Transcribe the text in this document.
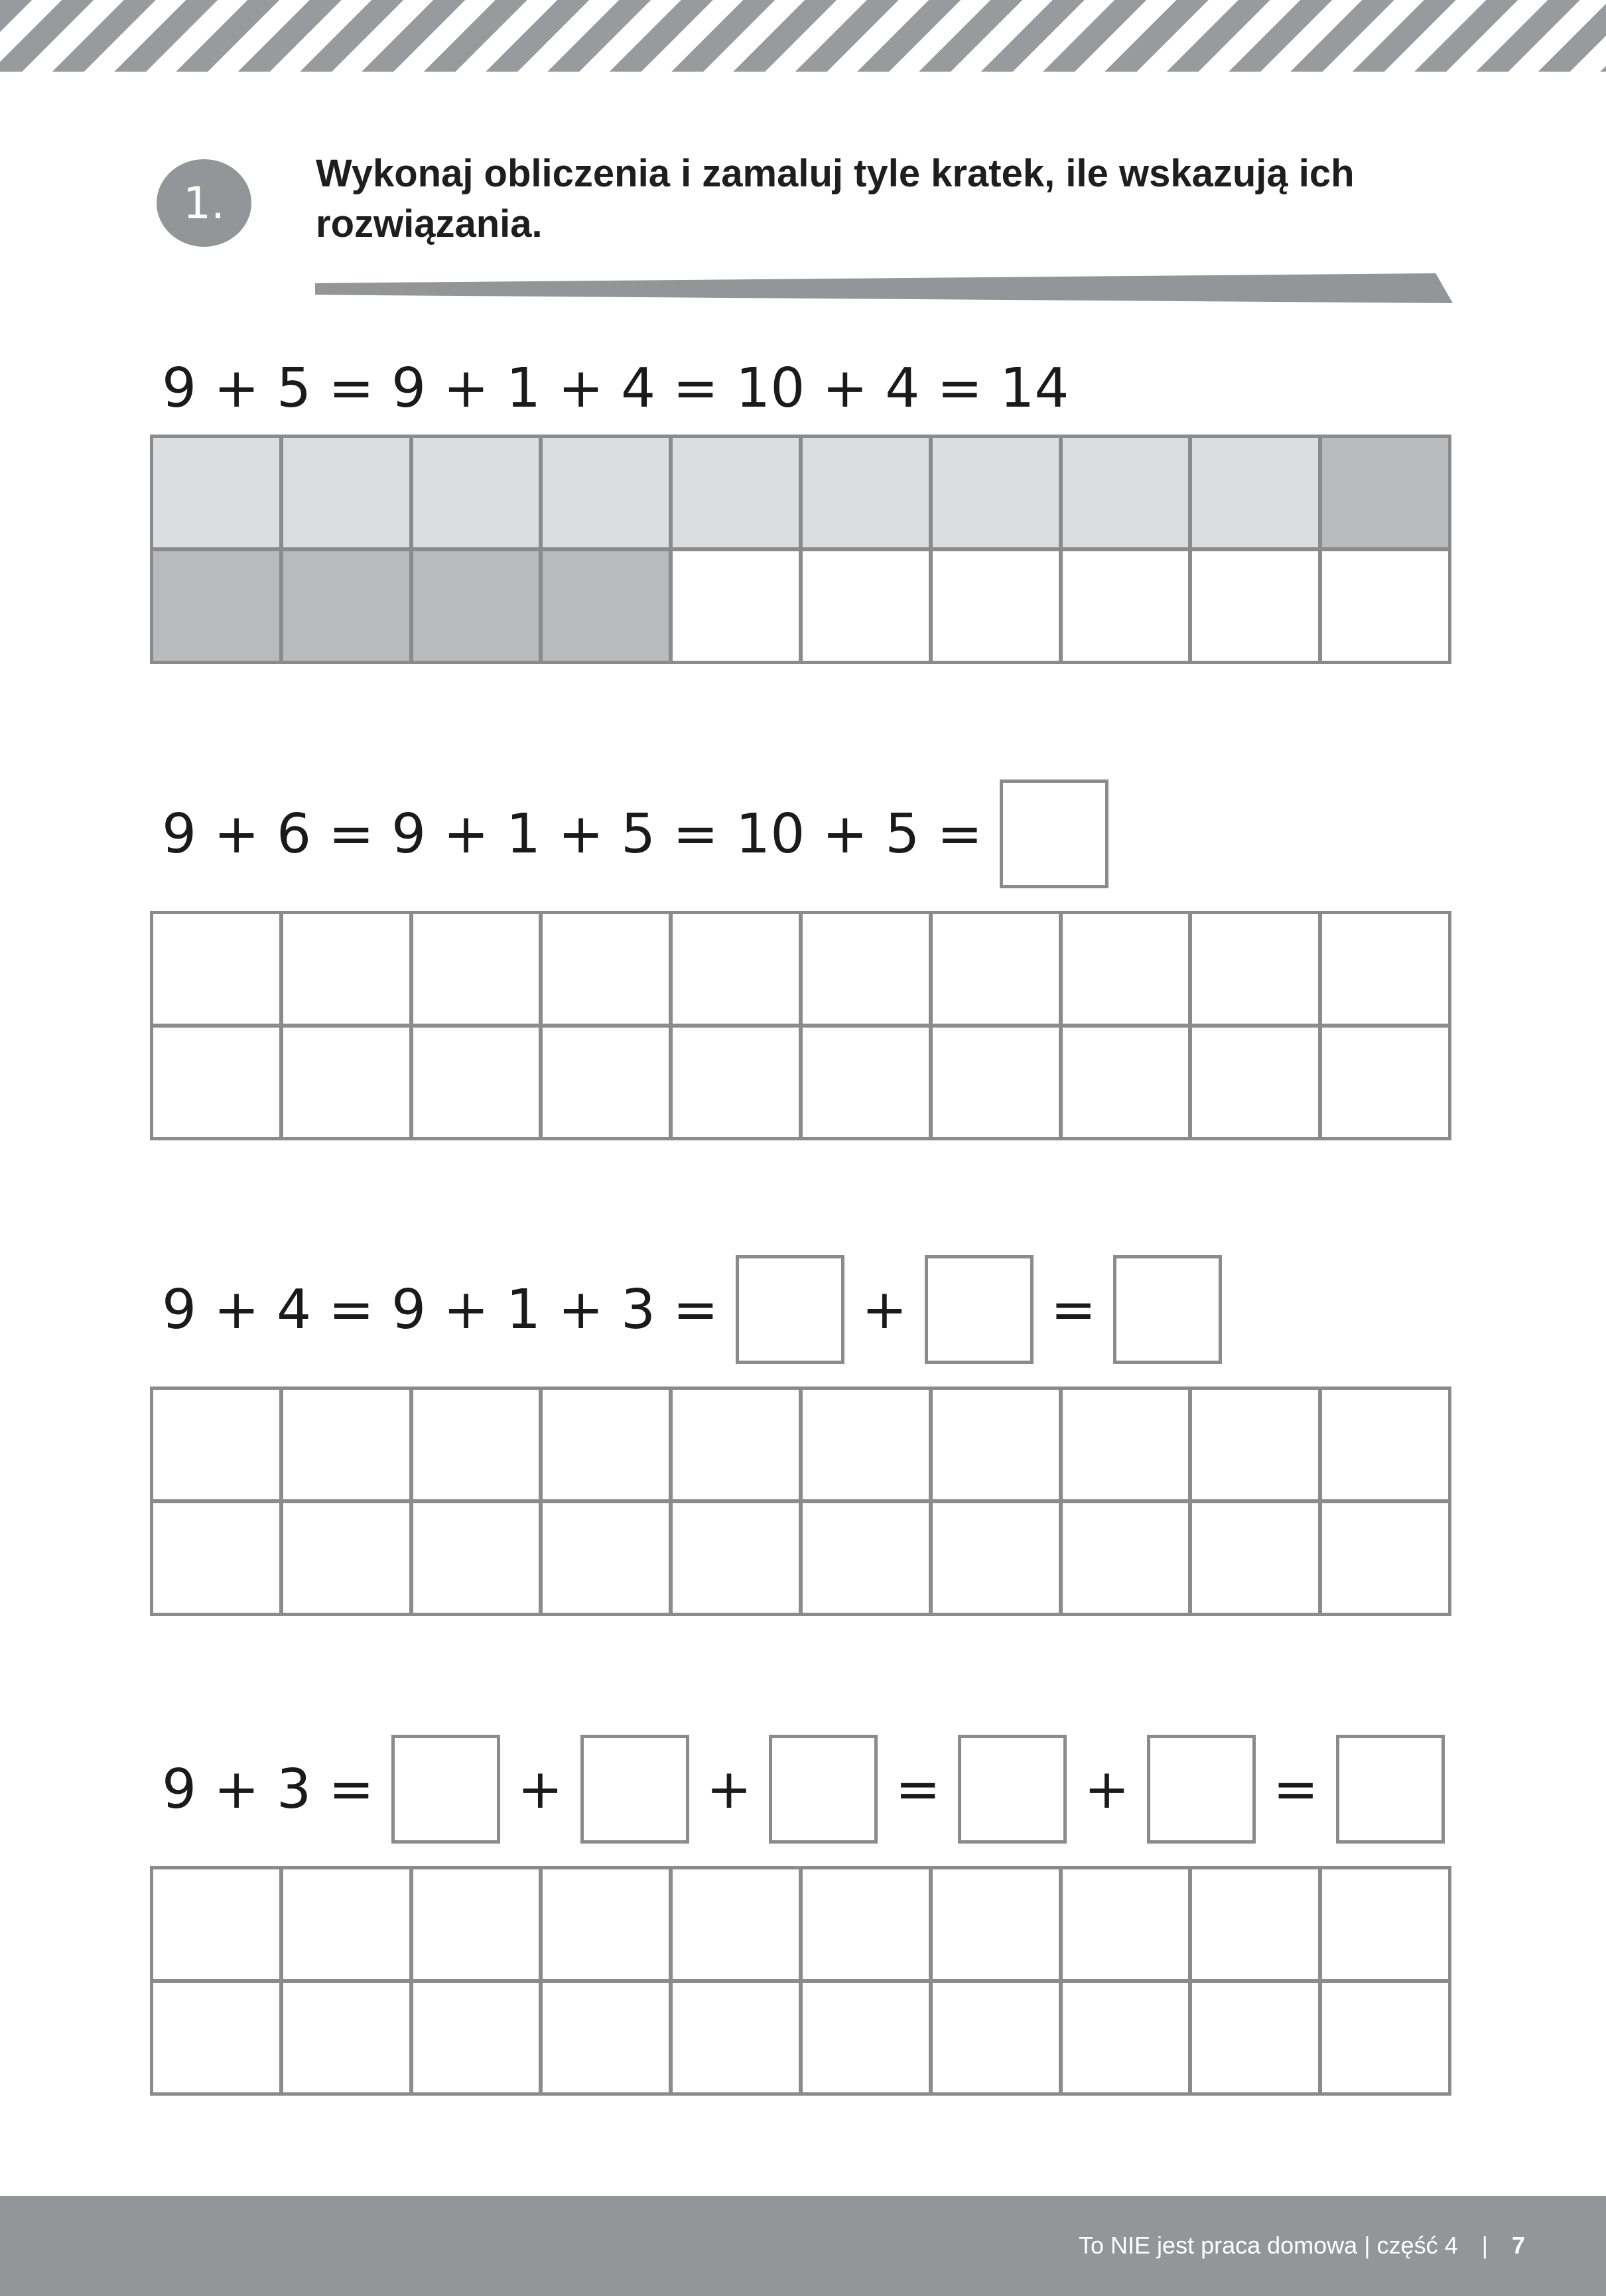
1.
Wykonaj obliczenia i zamaluj tyle kratek, ile wskazują ich
rozwiązania.
9 + 5 = 9 + 1 + 4 = 10 + 4 = 14
9 + 6 = 9 + 1 + 5 = 10 + 5 =
9 + 4 = 9 + 1 + 3 =	+	=
9 + 3 =	+	+	=	+	=
To NIE jest praca domowa | część 4 | 7
